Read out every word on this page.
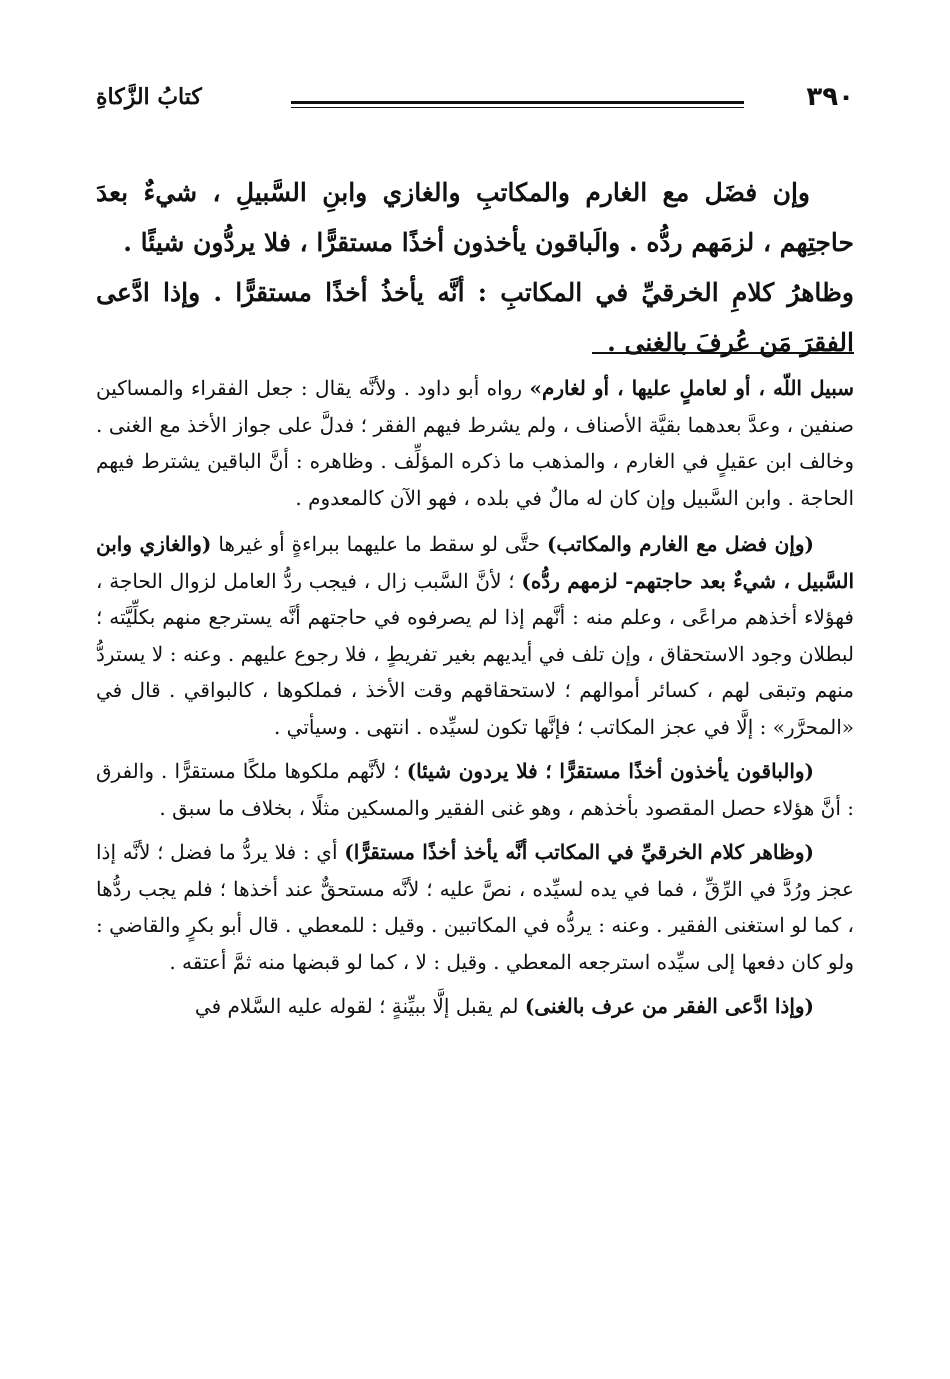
٣٩٠
كتابُ الزَّكاةِ

وإن فضَل مع الغارم والمكاتبِ والغازي وابنِ السَّبيلِ ، شيءٌ بعدَ حاجتِهم ، لزمَهم ردُّه . والَباقون يأخذون أخذًا مستقرًّا ، فلا يردُّون شيئًا .

وظاهرُ كلامِ الخرقيِّ في المكاتبِ : أنَّه يأخذُ أخذًا مستقرًّا . وإذا ادَّعى الفقرَ مَن عُرفَ بالغنى .

سبيل اللّه ، أو لعاملٍ عليها ، أو لغارم» رواه أبو داود . ولأنَّه يقال : جعل الفقراء والمساكين صنفين ، وعدَّ بعدهما بقيَّة الأصناف ، ولم يشرط فيهم الفقر ؛ فدلَّ على جواز الأخذ مع الغنى . وخالف ابن عقيلٍ في الغارم ، والمذهب ما ذكره المؤلِّف . وظاهره : أنَّ الباقين يشترط فيهم الحاجة . وابن السَّبيل وإن كان له مالٌ في بلده ، فهو الآن كالمعدوم .

(وإن فضل مع الغارم والمكاتب) حتَّى لو سقط ما عليهما ببراءةٍ أو غيرها (والغازي وابن السَّبيل ، شيءٌ بعد حاجتهم- لزمهم ردُّه) ؛ لأنَّ السَّبب زال ، فيجب ردُّ العامل لزوال الحاجة ، فهؤلاء أخذهم مراعًى ، وعلم منه : أنَّهم إذا لم يصرفوه في حاجتهم أنَّه يسترجع منهم بكلِّيَّته ؛ لبطلان وجود الاستحقاق ، وإن تلف في أيديهم بغير تفريطٍ ، فلا رجوع عليهم . وعنه : لا يستردُّ منهم وتبقى لهم ، كسائر أموالهم ؛ لاستحقاقهم وقت الأخذ ، فملكوها ، كالبواقي . قال في «المحرَّر» : إلَّا في عجز المكاتب ؛ فإنَّها تكون لسيِّده . انتهى . وسيأتي .

(والباقون يأخذون أخذًا مستقرًّا ؛ فلا يردون شيئا) ؛ لأنَّهم ملكوها ملكًا مستقرًّا . والفرق : أنَّ هؤلاء حصل المقصود بأخذهم ، وهو غنى الفقير والمسكين مثلًا ، بخلاف ما سبق .

(وظاهر كلام الخرقيِّ في المكاتب أنَّه يأخذ أخذًا مستقرًّا) أي : فلا يردُّ ما فضل ؛ لأنَّه إذا عجز ورُدَّ في الرِّقِّ ، فما في يده لسيِّده ، نصَّ عليه ؛ لأنَّه مستحقٌّ عند أخذها ؛ فلم يجب ردُّها ، كما لو استغنى الفقير . وعنه : يردُّه في المكاتبين . وقيل : للمعطي . قال أبو بكرٍ والقاضي : ولو كان دفعها إلى سيِّده استرجعه المعطي . وقيل : لا ، كما لو قبضها منه ثمَّ أعتقه .

(وإذا ادَّعى الفقر من عرف بالغنى) لم يقبل إلَّا ببيِّنةٍ ؛ لقوله عليه السَّلام في
